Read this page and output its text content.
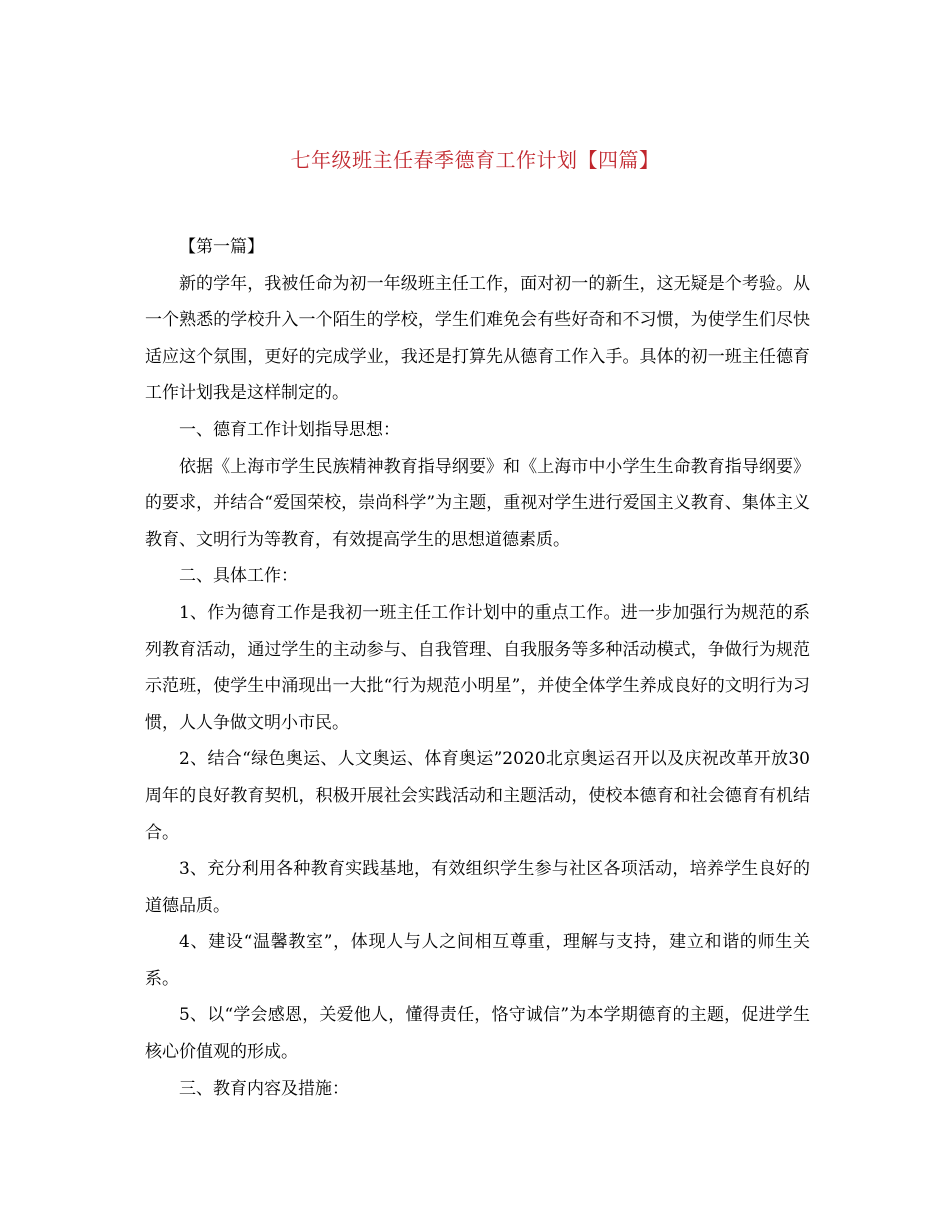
七年级班主任春季德育工作计划【四篇】

【第一篇】

新的学年，我被任命为初一年级班主任工作，面对初一的新生，这无疑是个考验。从一个熟悉的学校升入一个陌生的学校，学生们难免会有些好奇和不习惯，为使学生们尽快适应这个氛围，更好的完成学业，我还是打算先从德育工作入手。具体的初一班主任德育工作计划我是这样制定的。

一、德育工作计划指导思想：

依据《上海市学生民族精神教育指导纲要》和《上海市中小学生生命教育指导纲要》的要求，并结合“爱国荣校，崇尚科学”为主题，重视对学生进行爱国主义教育、集体主义教育、文明行为等教育，有效提高学生的思想道德素质。

二、具体工作：

1、作为德育工作是我初一班主任工作计划中的重点工作。进一步加强行为规范的系列教育活动，通过学生的主动参与、自我管理、自我服务等多种活动模式，争做行为规范示范班，使学生中涌现出一大批“行为规范小明星”，并使全体学生养成良好的文明行为习惯，人人争做文明小市民。

2、结合“绿色奥运、人文奥运、体育奥运”2020北京奥运召开以及庆祝改革开放30周年的良好教育契机，积极开展社会实践活动和主题活动，使校本德育和社会德育有机结合。

3、充分利用各种教育实践基地，有效组织学生参与社区各项活动，培养学生良好的道德品质。

4、建设“温馨教室”，体现人与人之间相互尊重，理解与支持，建立和谐的师生关系。

5、以“学会感恩，关爱他人，懂得责任，恪守诚信”为本学期德育的主题，促进学生核心价值观的形成。

三、教育内容及措施：
